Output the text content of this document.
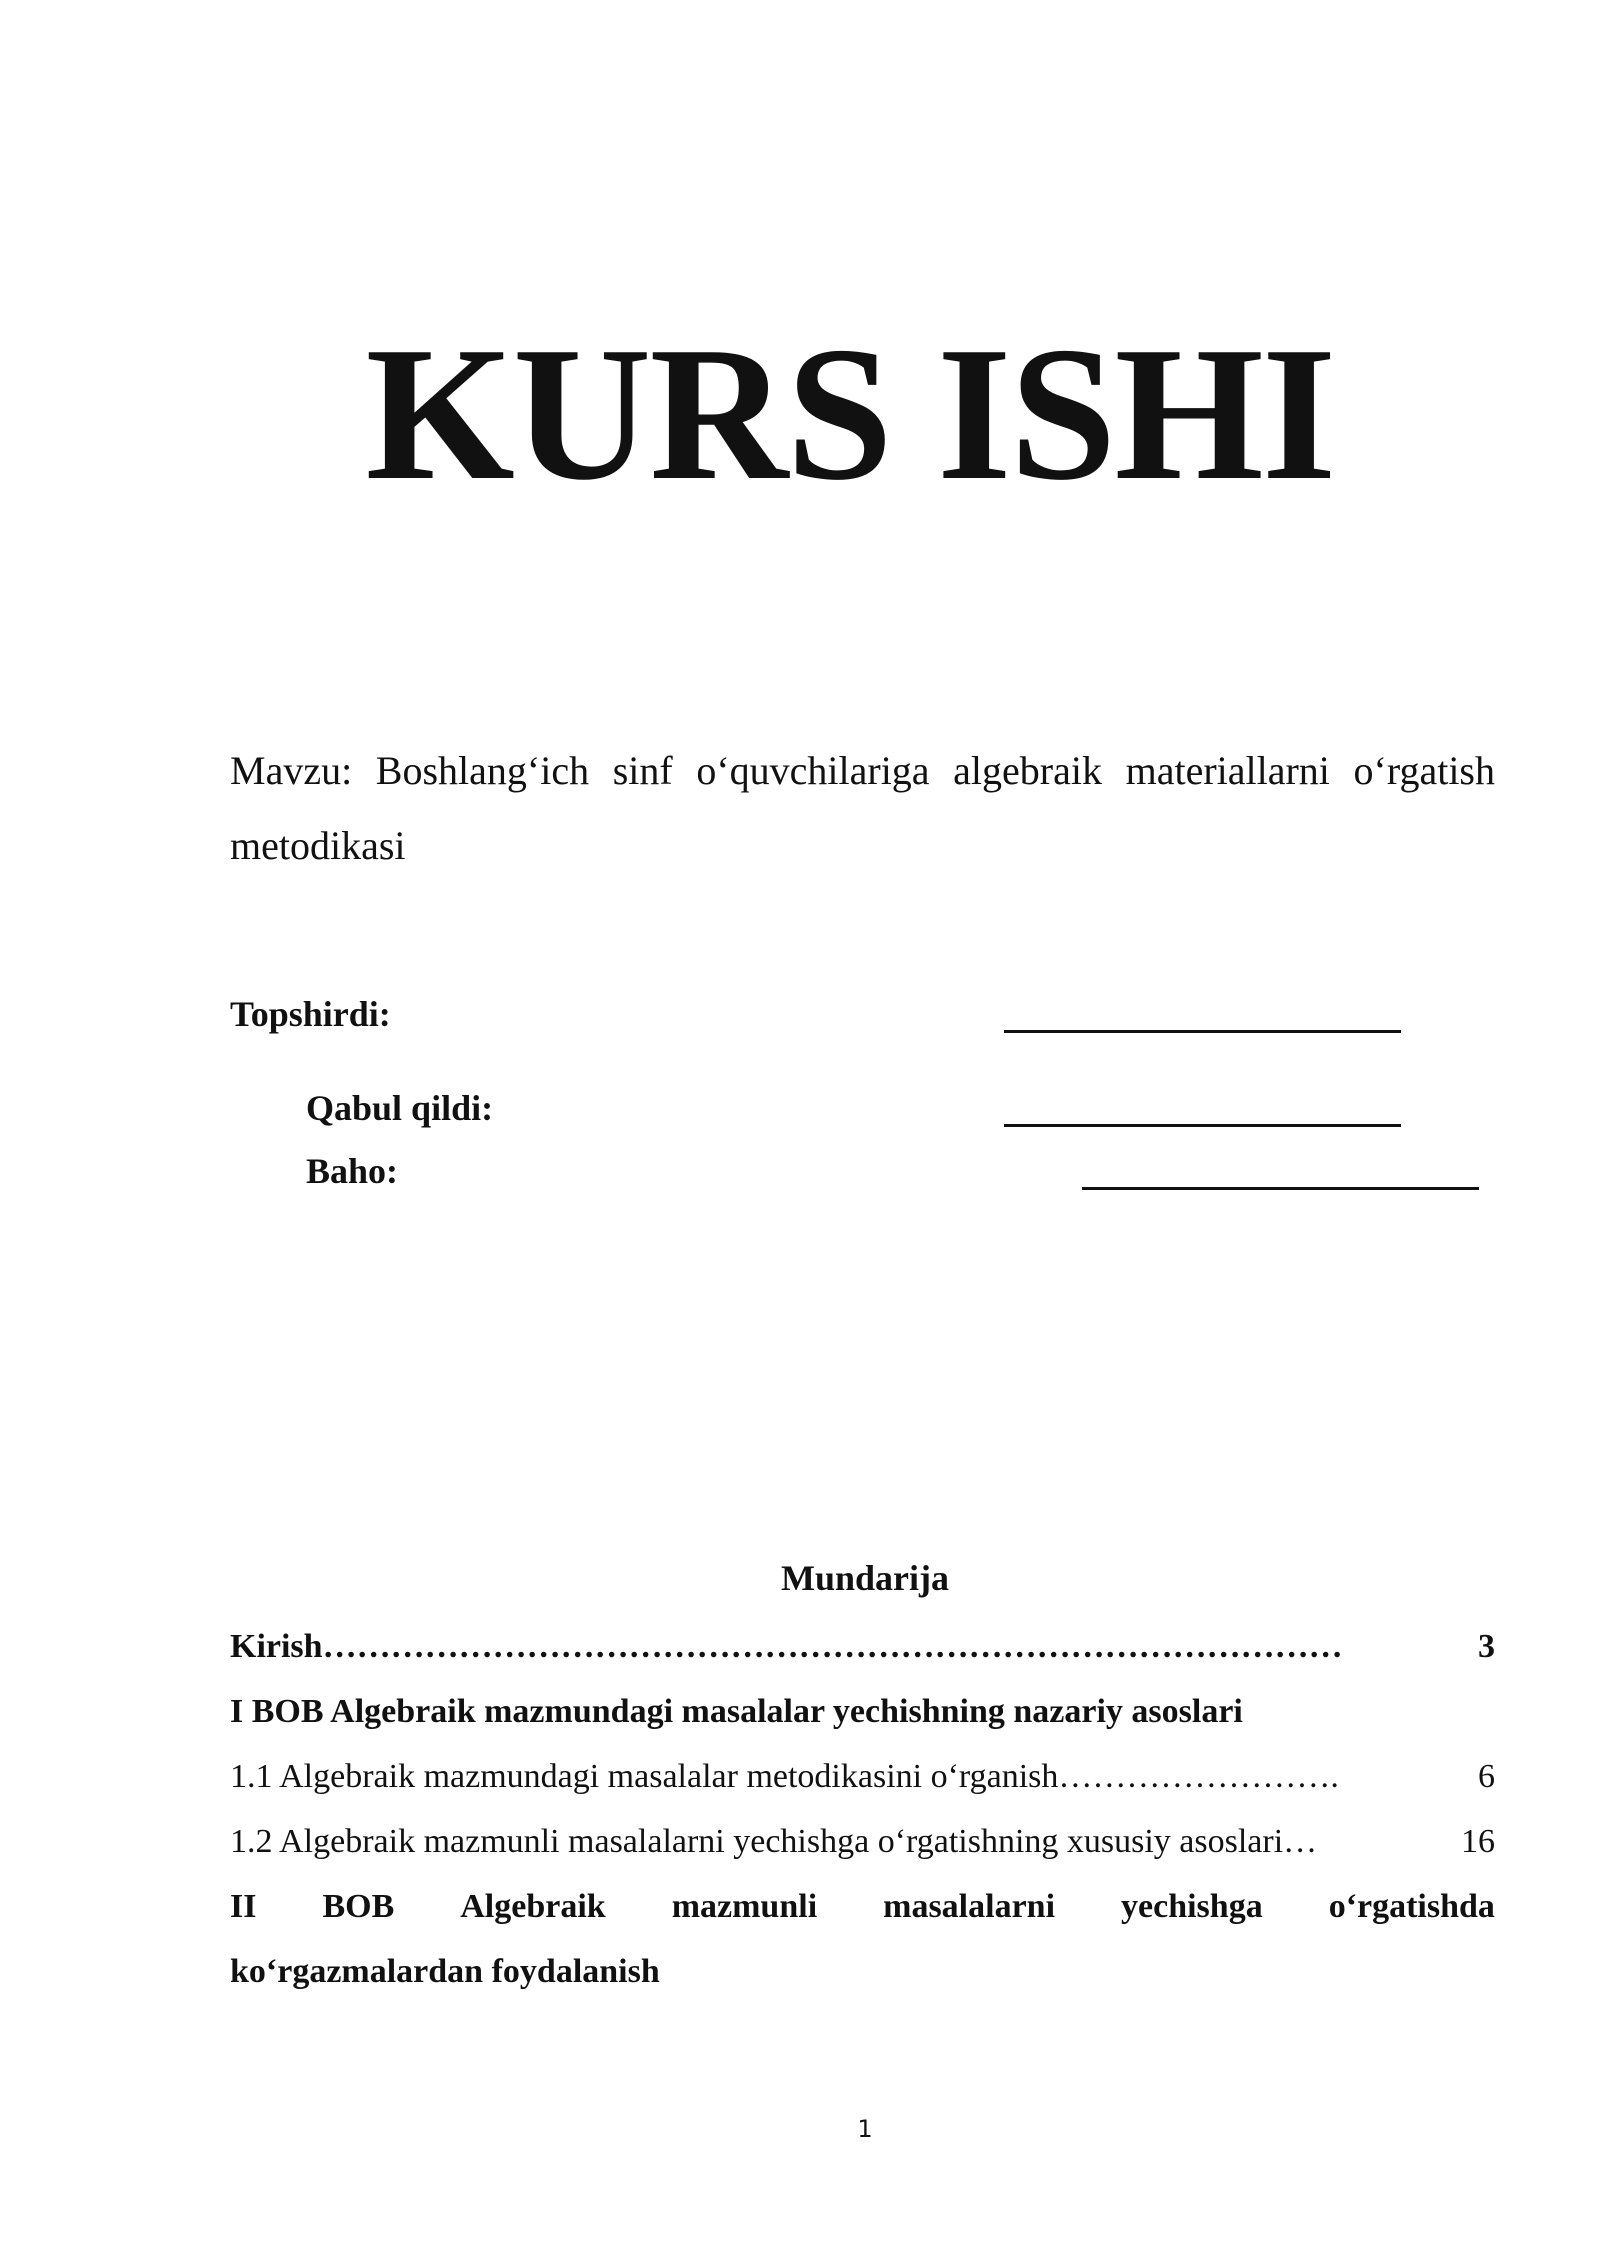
KURS ISHI
Mavzu: Boshlang‘ich sinf o‘quvchilariga algebraik materiallarni o‘rgatish metodikasi
Topshirdi:
Qabul qildi:
Baho:
Mundarija
Kirish ………………………………………………………………………………	3
I BOB Algebraik mazmundagi masalalar yechishning nazariy asoslari
1.1 Algebraik mazmundagi masalalar metodikasini o‘rganish …………………….	6
1.2 Algebraik mazmunli masalalarni yechishga o‘rgatishning xususiy asoslari …	16
II BOB Algebraik mazmunli masalalarni yechishga o‘rgatishda
ko‘rgazmalardan foydalanish
1
